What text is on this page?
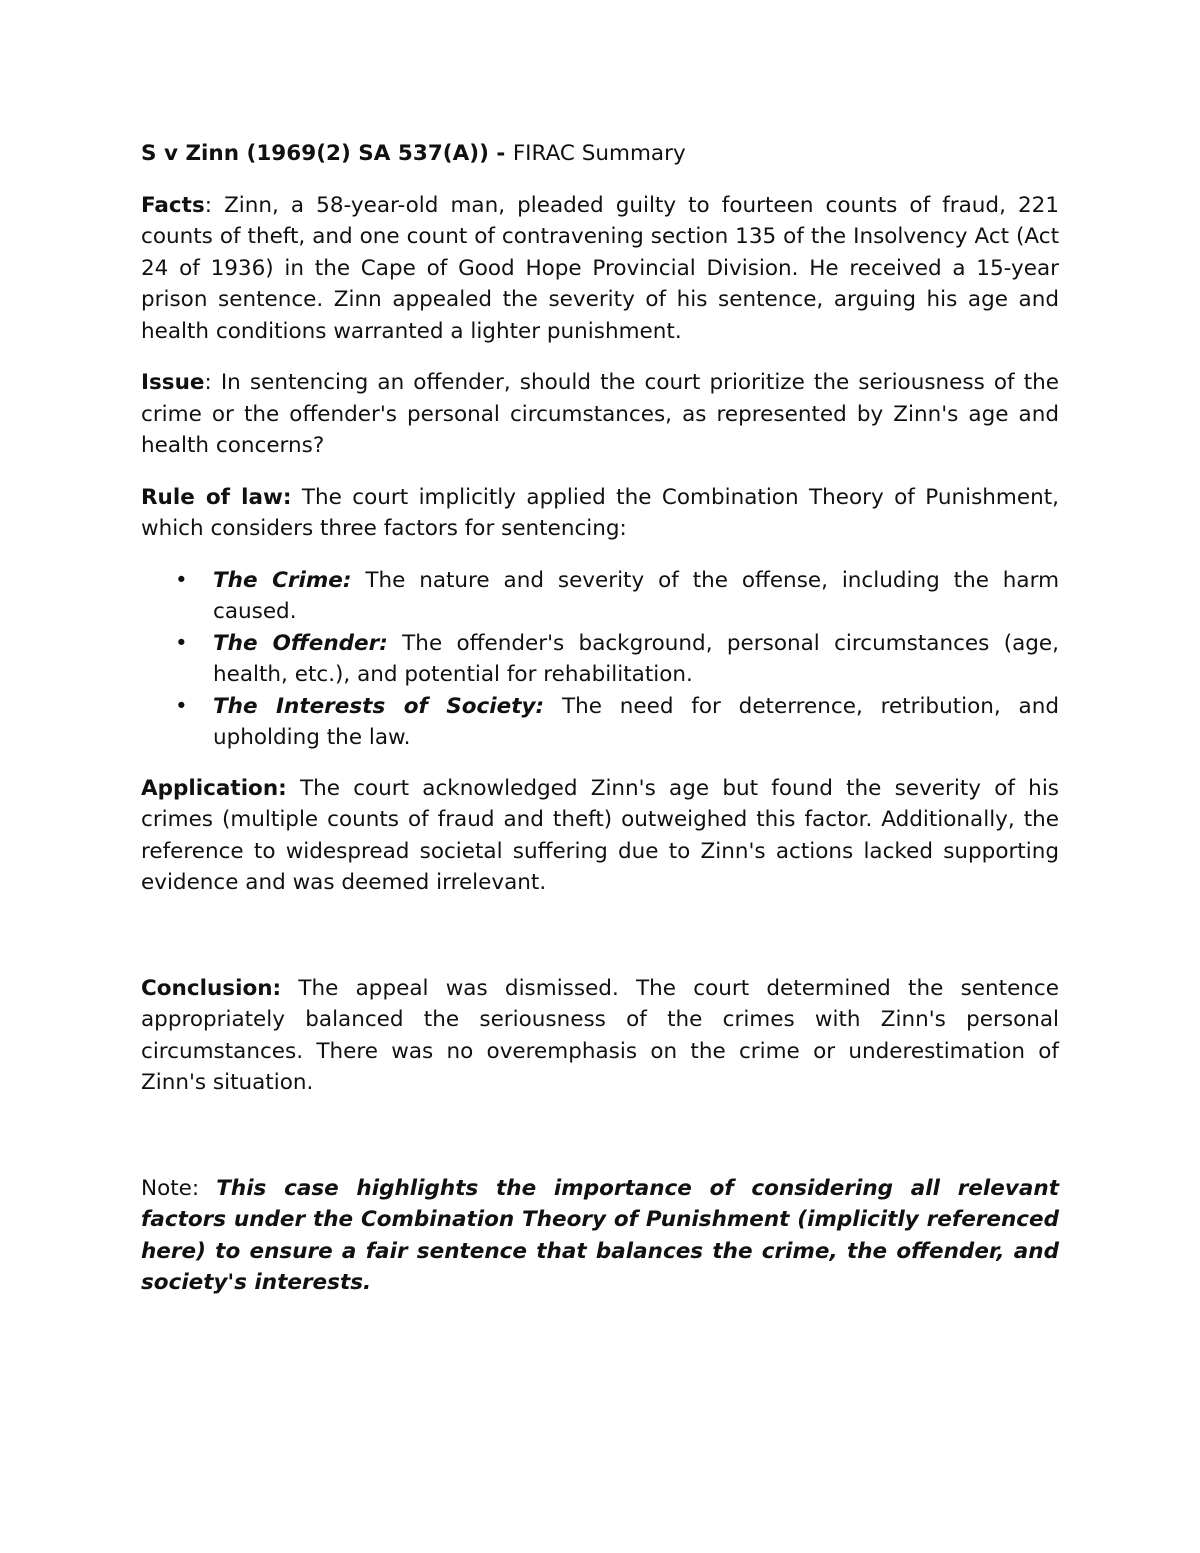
S v Zinn (1969(2) SA 537(A)) - FIRAC Summary

Facts: Zinn, a 58-year-old man, pleaded guilty to fourteen counts of fraud, 221 counts of theft, and one count of contravening section 135 of the Insolvency Act (Act 24 of 1936) in the Cape of Good Hope Provincial Division. He received a 15-year prison sentence. Zinn appealed the severity of his sentence, arguing his age and health conditions warranted a lighter punishment.

Issue: In sentencing an offender, should the court prioritize the seriousness of the crime or the offender's personal circumstances, as represented by Zinn's age and health concerns?

Rule of law: The court implicitly applied the Combination Theory of Punishment, which considers three factors for sentencing:

• The Crime: The nature and severity of the offense, including the harm caused.
• The Offender: The offender's background, personal circumstances (age, health, etc.), and potential for rehabilitation.
• The Interests of Society: The need for deterrence, retribution, and upholding the law.

Application: The court acknowledged Zinn's age but found the severity of his crimes (multiple counts of fraud and theft) outweighed this factor. Additionally, the reference to widespread societal suffering due to Zinn's actions lacked supporting evidence and was deemed irrelevant.

Conclusion: The appeal was dismissed. The court determined the sentence appropriately balanced the seriousness of the crimes with Zinn's personal circumstances. There was no overemphasis on the crime or underestimation of Zinn's situation.

Note: This case highlights the importance of considering all relevant factors under the Combination Theory of Punishment (implicitly referenced here) to ensure a fair sentence that balances the crime, the offender, and society's interests.
